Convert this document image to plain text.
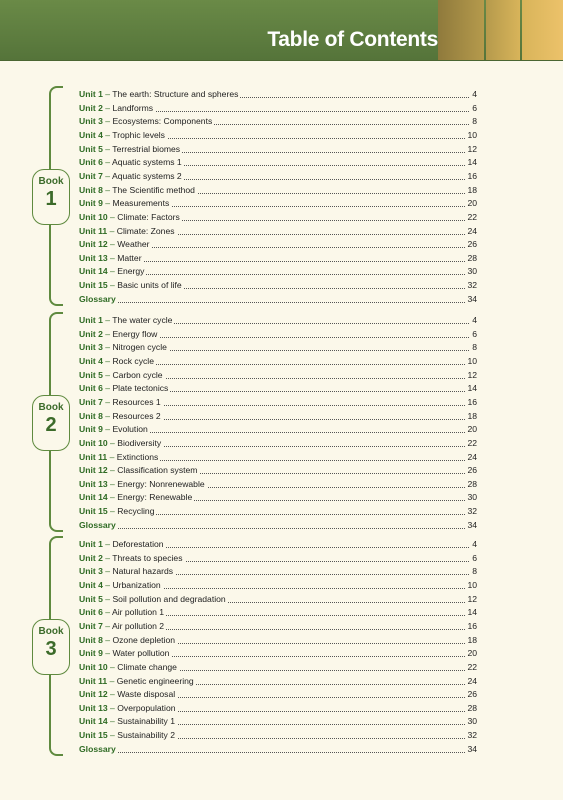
Table of Contents
Book
1
Unit 1 – The earth: Structure and spheres	4
Unit 2 – Landforms	6
Unit 3 – Ecosystems: Components	8
Unit 4 – Trophic levels	10
Unit 5 – Terrestrial biomes	12
Unit 6 – Aquatic systems 1	14
Unit 7 – Aquatic systems 2	16
Unit 8 – The Scientific method	18
Unit 9 – Measurements	20
Unit 10 – Climate: Factors	22
Unit 11 – Climate: Zones	24
Unit 12 – Weather	26
Unit 13 – Matter	28
Unit 14 – Energy	30
Unit 15 – Basic units of life	32
Glossary	34
Book
2
Unit 1 – The water cycle	4
Unit 2 – Energy flow	6
Unit 3 – Nitrogen cycle	8
Unit 4 – Rock cycle	10
Unit 5 – Carbon cycle	12
Unit 6 – Plate tectonics	14
Unit 7 – Resources 1	16
Unit 8 – Resources 2	18
Unit 9 – Evolution	20
Unit 10 – Biodiversity	22
Unit 11 – Extinctions	24
Unit 12 – Classification system	26
Unit 13 – Energy: Nonrenewable	28
Unit 14 – Energy: Renewable	30
Unit 15 – Recycling	32
Glossary	34
Book
3
Unit 1 – Deforestation	4
Unit 2 – Threats to species	6
Unit 3 – Natural hazards	8
Unit 4 – Urbanization	10
Unit 5 – Soil pollution and degradation	12
Unit 6 – Air pollution 1	14
Unit 7 – Air pollution 2	16
Unit 8 – Ozone depletion	18
Unit 9 – Water pollution	20
Unit 10 – Climate change	22
Unit 11 – Genetic engineering	24
Unit 12 – Waste disposal	26
Unit 13 – Overpopulation	28
Unit 14 – Sustainability 1	30
Unit 15 – Sustainability 2	32
Glossary	34
